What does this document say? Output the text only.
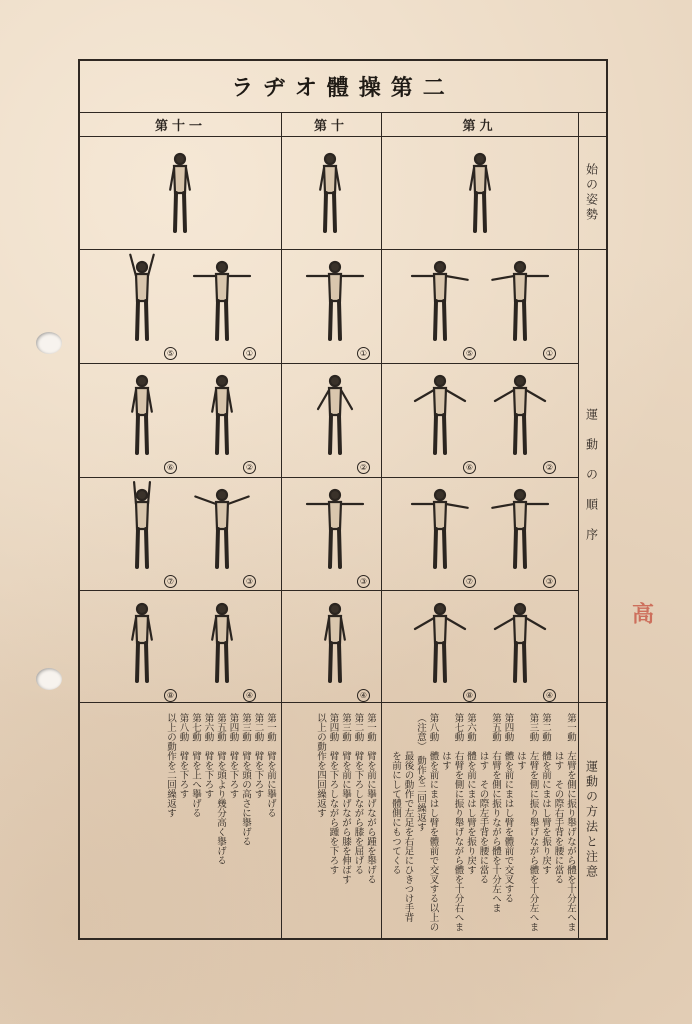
高
ラヂオ體操第二
第十一	第十	第九
始の姿勢
運　動　の　順　序
運動の方法と注意
⑤	①	①	⑤	①
⑥	②	②	⑥	②
⑦	③	③	⑦	③
⑧	④	④	⑧	④
第一動　左臂を側に振り舉げながら體を十分左へま
　　　　はす　その際右手背を腰に當る
第二動　體を前にまはし臂を振り戻す
第三動　左臂を側に振り舉げながら體を十分左へま
　　　　はす
第四動　體を前にまはし臂を體前で交叉する
第五動　右臂を側に振りながら體を十分左へま
　　　　はす　その際左手背を腰に當る
第六動　體を前にまはし臂を振り戻す
第七動　右臂を側に振り舉げながら體を十分右へま
　　　　はす
第八動　體を前にまはし臂を體前で交叉する以上の
（注意）　動作を二回繰返す
　　　　最後の動作で左足を右足にひきつけ手背
　　　　を前にして體側にもつてくる
第一動　臂を前に擧げながら踵を舉げる
第二動　臂を下ろしながら膝を屈げる
第三動　臂を前に擧げながら膝を伸ばす
第四動　臂を下ろしながら踵を下ろす
以上の動作を四回繰返す
第一動　臂を前に擧げる
第二動　臂を下ろす
第三動　臂を頭の高さに擧げる
第四動　臂を下ろす
第五動　臂を頭より幾分高く擧げる
第六動　臂を下ろす
第七動　臂を上へ擧げる
第八動　臂を下ろす
以上の動作を二回繰返す
